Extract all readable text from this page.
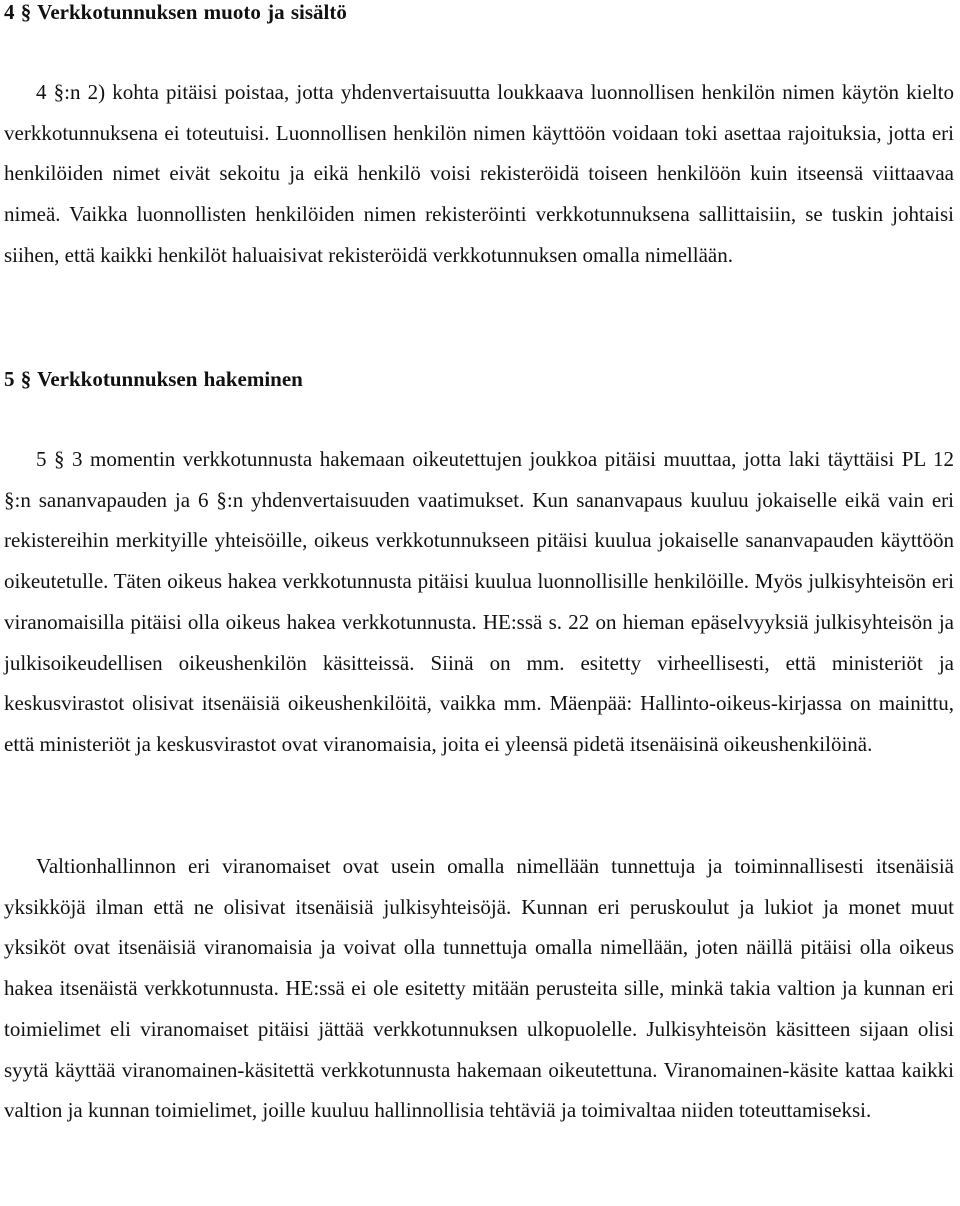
4 § Verkkotunnuksen muoto ja sisältö

4 §:n 2) kohta pitäisi poistaa, jotta yhdenvertaisuutta loukkaava luonnollisen henkilön nimen käytön kielto verkkotunnuksena ei toteutuisi. Luonnollisen henkilön nimen käyttöön voidaan toki asettaa rajoituksia, jotta eri henkilöiden nimet eivät sekoitu ja eikä henkilö voisi rekisteröidä toiseen henkilöön kuin itseensä viittaavaa nimeä. Vaikka luonnollisten henkilöiden nimen rekisteröinti verkkotunnuksena sallittaisiin, se tuskin johtaisi siihen, että kaikki henkilöt haluaisivat rekisteröidä verkkotunnuksen omalla nimellään.

5 § Verkkotunnuksen hakeminen

5 § 3 momentin verkkotunnusta hakemaan oikeutettujen joukkoa pitäisi muuttaa, jotta laki täyttäisi PL 12 §:n sananvapauden ja 6 §:n yhdenvertaisuuden vaatimukset. Kun sananvapaus kuuluu jokaiselle eikä vain eri rekistereihin merkityille yhteisöille, oikeus verkkotunnukseen pitäisi kuulua jokaiselle sananvapauden käyttöön oikeutetulle. Täten oikeus hakea verkkotunnusta pitäisi kuulua luonnollisille henkilöille. Myös julkisyhteisön eri viranomaisilla pitäisi olla oikeus hakea verkkotunnusta. HE:ssä s. 22 on hieman epäselvyyksiä julkisyhteisön ja julkisoikeudellisen oikeushenkilön käsitteissä. Siinä on mm. esitetty virheellisesti, että ministeriöt ja keskusvirastot olisivat itsenäisiä oikeushenkilöitä, vaikka mm. Mäenpää: Hallinto-oikeus-kirjassa on mainittu, että ministeriöt ja keskusvirastot ovat viranomaisia, joita ei yleensä pidetä itsenäisinä oikeushenkilöinä.

Valtionhallinnon eri viranomaiset ovat usein omalla nimellään tunnettuja ja toiminnallisesti itsenäisiä yksikköjä ilman että ne olisivat itsenäisiä julkisyhteisöjä. Kunnan eri peruskoulut ja lukiot ja monet muut yksiköt ovat itsenäisiä viranomaisia ja voivat olla tunnettuja omalla nimellään, joten näillä pitäisi olla oikeus hakea itsenäistä verkkotunnusta. HE:ssä ei ole esitetty mitään perusteita sille, minkä takia valtion ja kunnan eri toimielimet eli viranomaiset pitäisi jättää verkkotunnuksen ulkopuolelle. Julkisyhteisön käsitteen sijaan olisi syytä käyttää viranomainen-käsitettä verkkotunnusta hakemaan oikeutettuna. Viranomainen-käsite kattaa kaikki valtion ja kunnan toimielimet, joille kuuluu hallinnollisia tehtäviä ja toimivaltaa niiden toteuttamiseksi.
